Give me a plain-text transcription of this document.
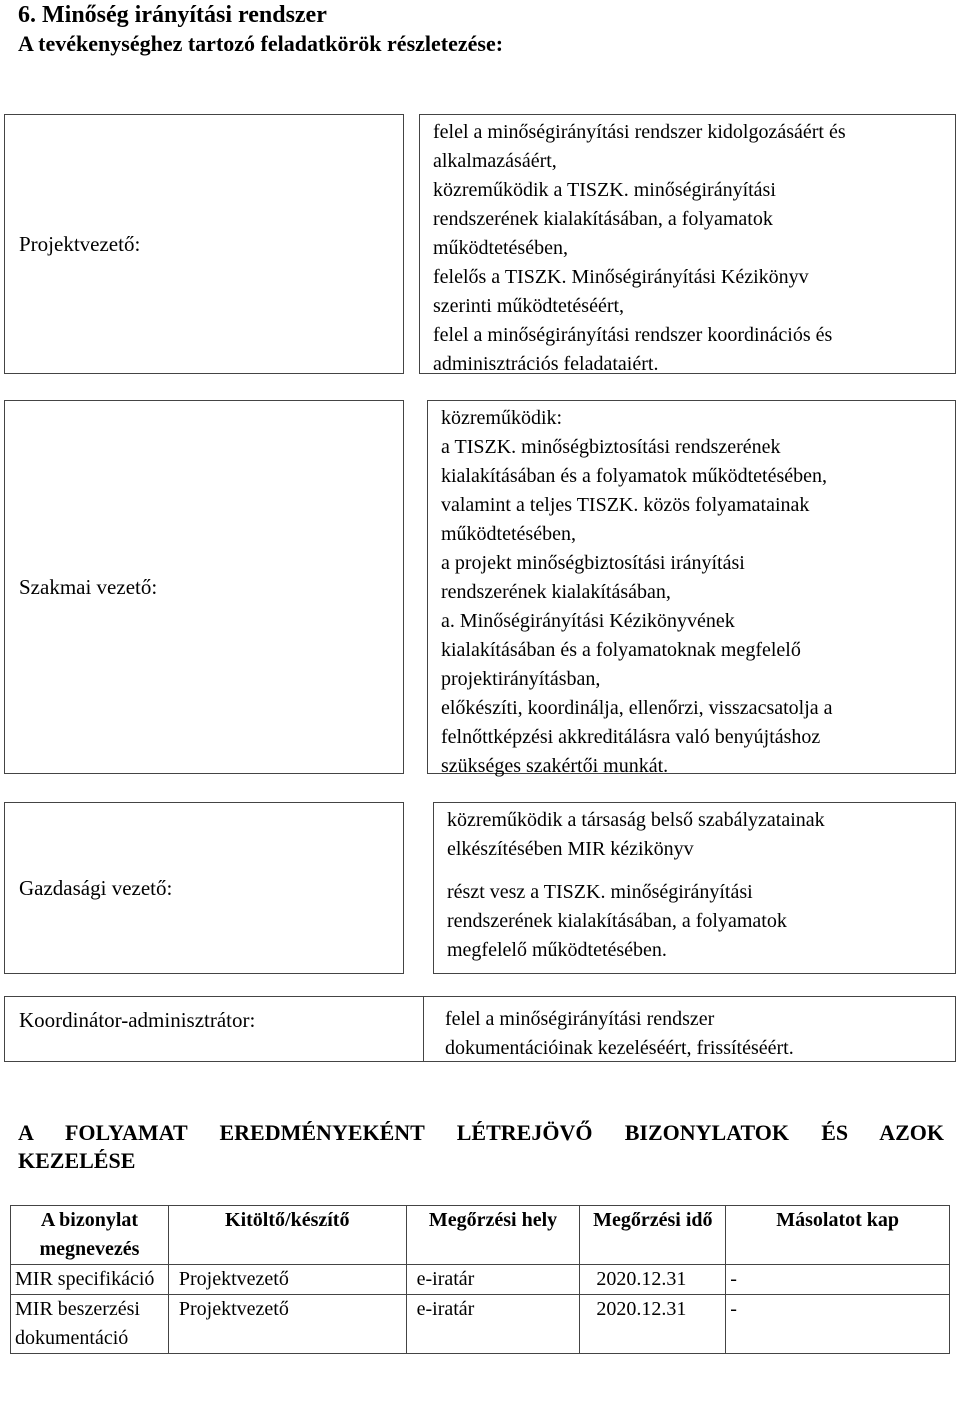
6. Minőség irányítási rendszer
A tevékenységhez tartozó feladatkörök részletezése:
Projektvezető:
felel a minőségirányítási rendszer kidolgozásáért és
alkalmazásáért,
közreműködik a TISZK. minőségirányítási
rendszerének kialakításában, a folyamatok
működtetésében,
felelős a TISZK. Minőségirányítási Kézikönyv
szerinti működtetéséért,
felel a minőségirányítási rendszer koordinációs és
adminisztrációs feladataiért.
Szakmai vezető:
közreműködik:
a TISZK. minőségbiztosítási rendszerének
kialakításában és a folyamatok működtetésében,
valamint a teljes TISZK. közös folyamatainak
működtetésében,
a projekt minőségbiztosítási irányítási
rendszerének kialakításában,
a. Minőségirányítási Kézikönyvének
kialakításában és a folyamatoknak megfelelő
projektirányításban,
előkészíti, koordinálja, ellenőrzi, visszacsatolja a
felnőttképzési akkreditálásra való benyújtáshoz
szükséges szakértői munkát.
Gazdasági vezető:
közreműködik a társaság belső szabályzatainak
elkészítésében MIR kézikönyv
részt vesz a TISZK. minőségirányítási
rendszerének kialakításában, a folyamatok
megfelelő működtetésében.
Koordinátor-adminisztrátor:	felel a minőségirányítási rendszer
dokumentációinak kezeléséért, frissítéséért.
A FOLYAMAT EREDMÉNYEKÉNT LÉTREJÖVŐ BIZONYLATOK ÉS AZOK
KEZELÉSE
A bizonylat megnevezés	Kitöltő/készítő	Megőrzési hely	Megőrzési idő	Másolatot kap
MIR specifikáció	Projektvezető	e-iratár	2020.12.31	-
MIR beszerzési dokumentáció	Projektvezető	e-iratár	2020.12.31	-
